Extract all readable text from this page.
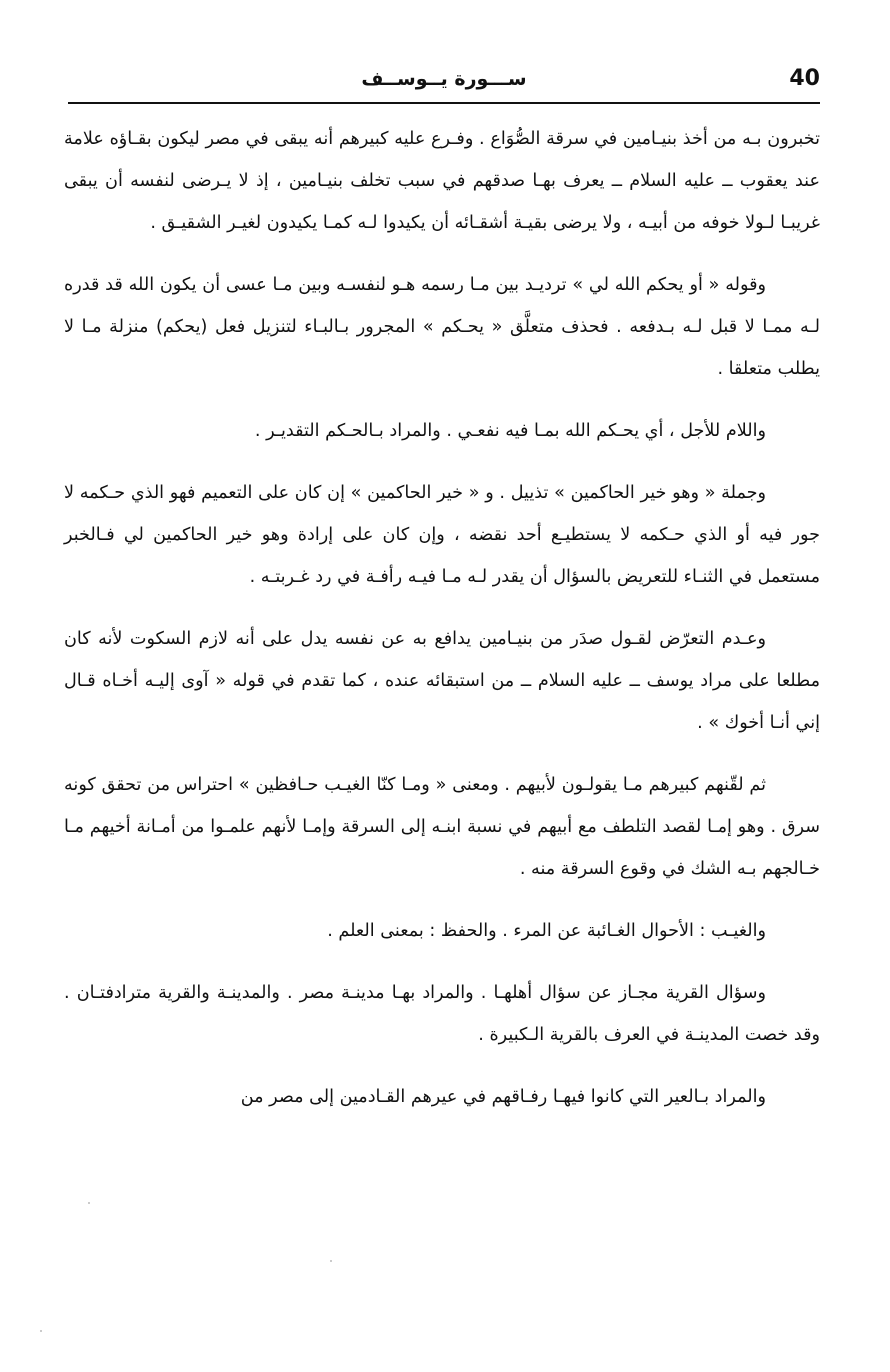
40
ســـورة يــوســف

تخبرون بـه من أخذ بنيـامين في سرقة الصُّوَاع . وفـرع عليه كبيرهم أنه يبقى في مصر ليكون بقـاؤه علامة عند يعقوب ــ عليه السلام ــ يعرف بهـا صدقهم في سبب تخلف بنيـامين ، إذ لا يـرضى لنفسه أن يبقى غريبـا لـولا خوفه من أبيـه ، ولا يرضى بقيـة أشقـائه أن يكيدوا لـه كمـا يكيدون لغيـر الشقيـق .

وقوله « أو يحكم الله لي » ترديـد بين مـا رسمه هـو لنفسـه وبين مـا عسى أن يكون الله قد قدره لـه ممـا لا قبل لـه بـدفعه . فحذف متعلَّق « يحـكم » المجرور بـالبـاء لتنزيل فعل (يحكم) منزلة مـا لا يطلب متعلقا .

واللام للأجل ، أي يحـكم الله بمـا فيه نفعـي . والمراد بـالحـكم التقديـر .

وجملة « وهو خير الحاكمين » تذييل . و « خير الحاكمين » إن كان على التعميم فهو الذي حـكمه لا جور فيه أو الذي حـكمه لا يستطيـع أحد نقضه ، وإن كان على إرادة وهو خير الحاكمين لي فـالخبر مستعمل في الثنـاء للتعريض بالسؤال أن يقدر لـه مـا فيـه رأفـة في رد غـربتـه .

وعـدم التعرّض لقـول صدَر من بنيـامين يدافع به عن نفسه يدل على أنه لازم السكوت لأنه كان مطلعا على مراد يوسف ــ عليه السلام ــ من استبقائه عنده ، كما تقدم في قوله « آوى إليـه أخـاه قـال إني أنـا أخوك » .

ثم لقّنهم كبيرهم مـا يقولـون لأبيهم . ومعنى « ومـا كنّا الغيـب حـافظين » احتراس من تحقق كونه سرق . وهو إمـا لقصد التلطف مع أبيهم في نسبة ابنـه إلى السرقة وإمـا لأنهم علمـوا من أمـانة أخيهم مـا خـالجهم بـه الشك في وقوع السرقة منه .

والغيـب : الأحوال الغـائبة عن المرء . والحفظ : بمعنى العلم .

وسؤال القرية مجـاز عن سؤال أهلهـا . والمراد بهـا مدينـة مصر . والمدينـة والقرية مترادفتـان . وقد خصت المدينـة في العرف بالقرية الـكبيرة .

والمراد بـالعير التي كانوا فيهـا رفـاقهم في عيرهم القـادمين إلى مصر من
